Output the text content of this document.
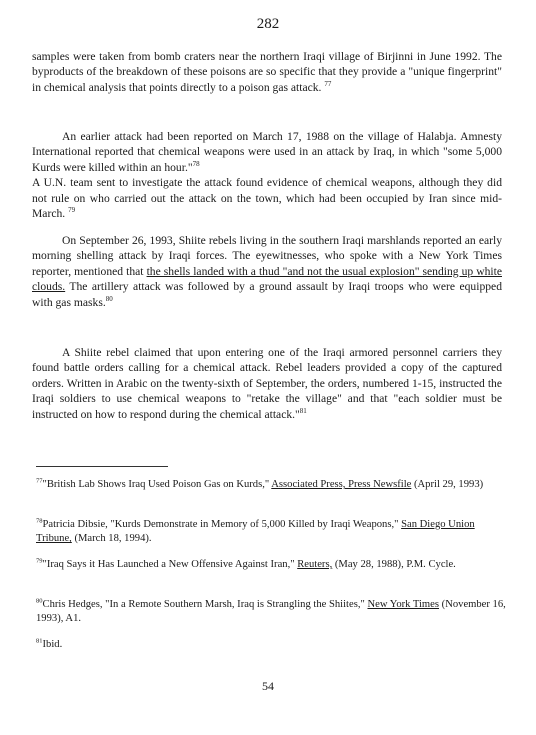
282
samples were taken from bomb craters near the northern Iraqi village of Birjinni in June 1992. The byproducts of the breakdown of these poisons are so specific that they provide a "unique fingerprint" in chemical analysis that points directly to a poison gas attack. $^{77}$
An earlier attack had been reported on March 17, 1988 on the village of Halabja. Amnesty International reported that chemical weapons were used in an attack by Iraq, in which "some 5,000 Kurds were killed within an hour."$^{78}$
A U.N. team sent to investigate the attack found evidence of chemical weapons, although they did not rule on who carried out the attack on the town, which had been occupied by Iran since mid-March. $^{79}$
On September 26, 1993, Shiite rebels living in the southern Iraqi marshlands reported an early morning shelling attack by Iraqi forces. The eyewitnesses, who spoke with a New York Times reporter, mentioned that the shells landed with a thud "and not the usual explosion" sending up white clouds. The artillery attack was followed by a ground assault by Iraqi troops who were equipped with gas masks.$^{80}$
A Shiite rebel claimed that upon entering one of the Iraqi armored personnel carriers they found battle orders calling for a chemical attack. Rebel leaders provided a copy of the captured orders. Written in Arabic on the twenty-sixth of September, the orders, numbered 1-15, instructed the Iraqi soldiers to use chemical weapons to "retake the village" and that "each soldier must be instructed on how to respond during the chemical attack."$^{81}$
$^{77}$"British Lab Shows Iraq Used Poison Gas on Kurds," Associated Press, Press Newsfile (April 29, 1993)
$^{78}$Patricia Dibsie, "Kurds Demonstrate in Memory of 5,000 Killed by Iraqi Weapons," San Diego Union Tribune, (March 18, 1994).
$^{79}$"Iraq Says it Has Launched a New Offensive Against Iran," Reuters, (May 28, 1988), P.M. Cycle.
$^{80}$Chris Hedges, "In a Remote Southern Marsh, Iraq is Strangling the Shiites," New York Times (November 16, 1993), A1.
$^{81}$Ibid.
54
